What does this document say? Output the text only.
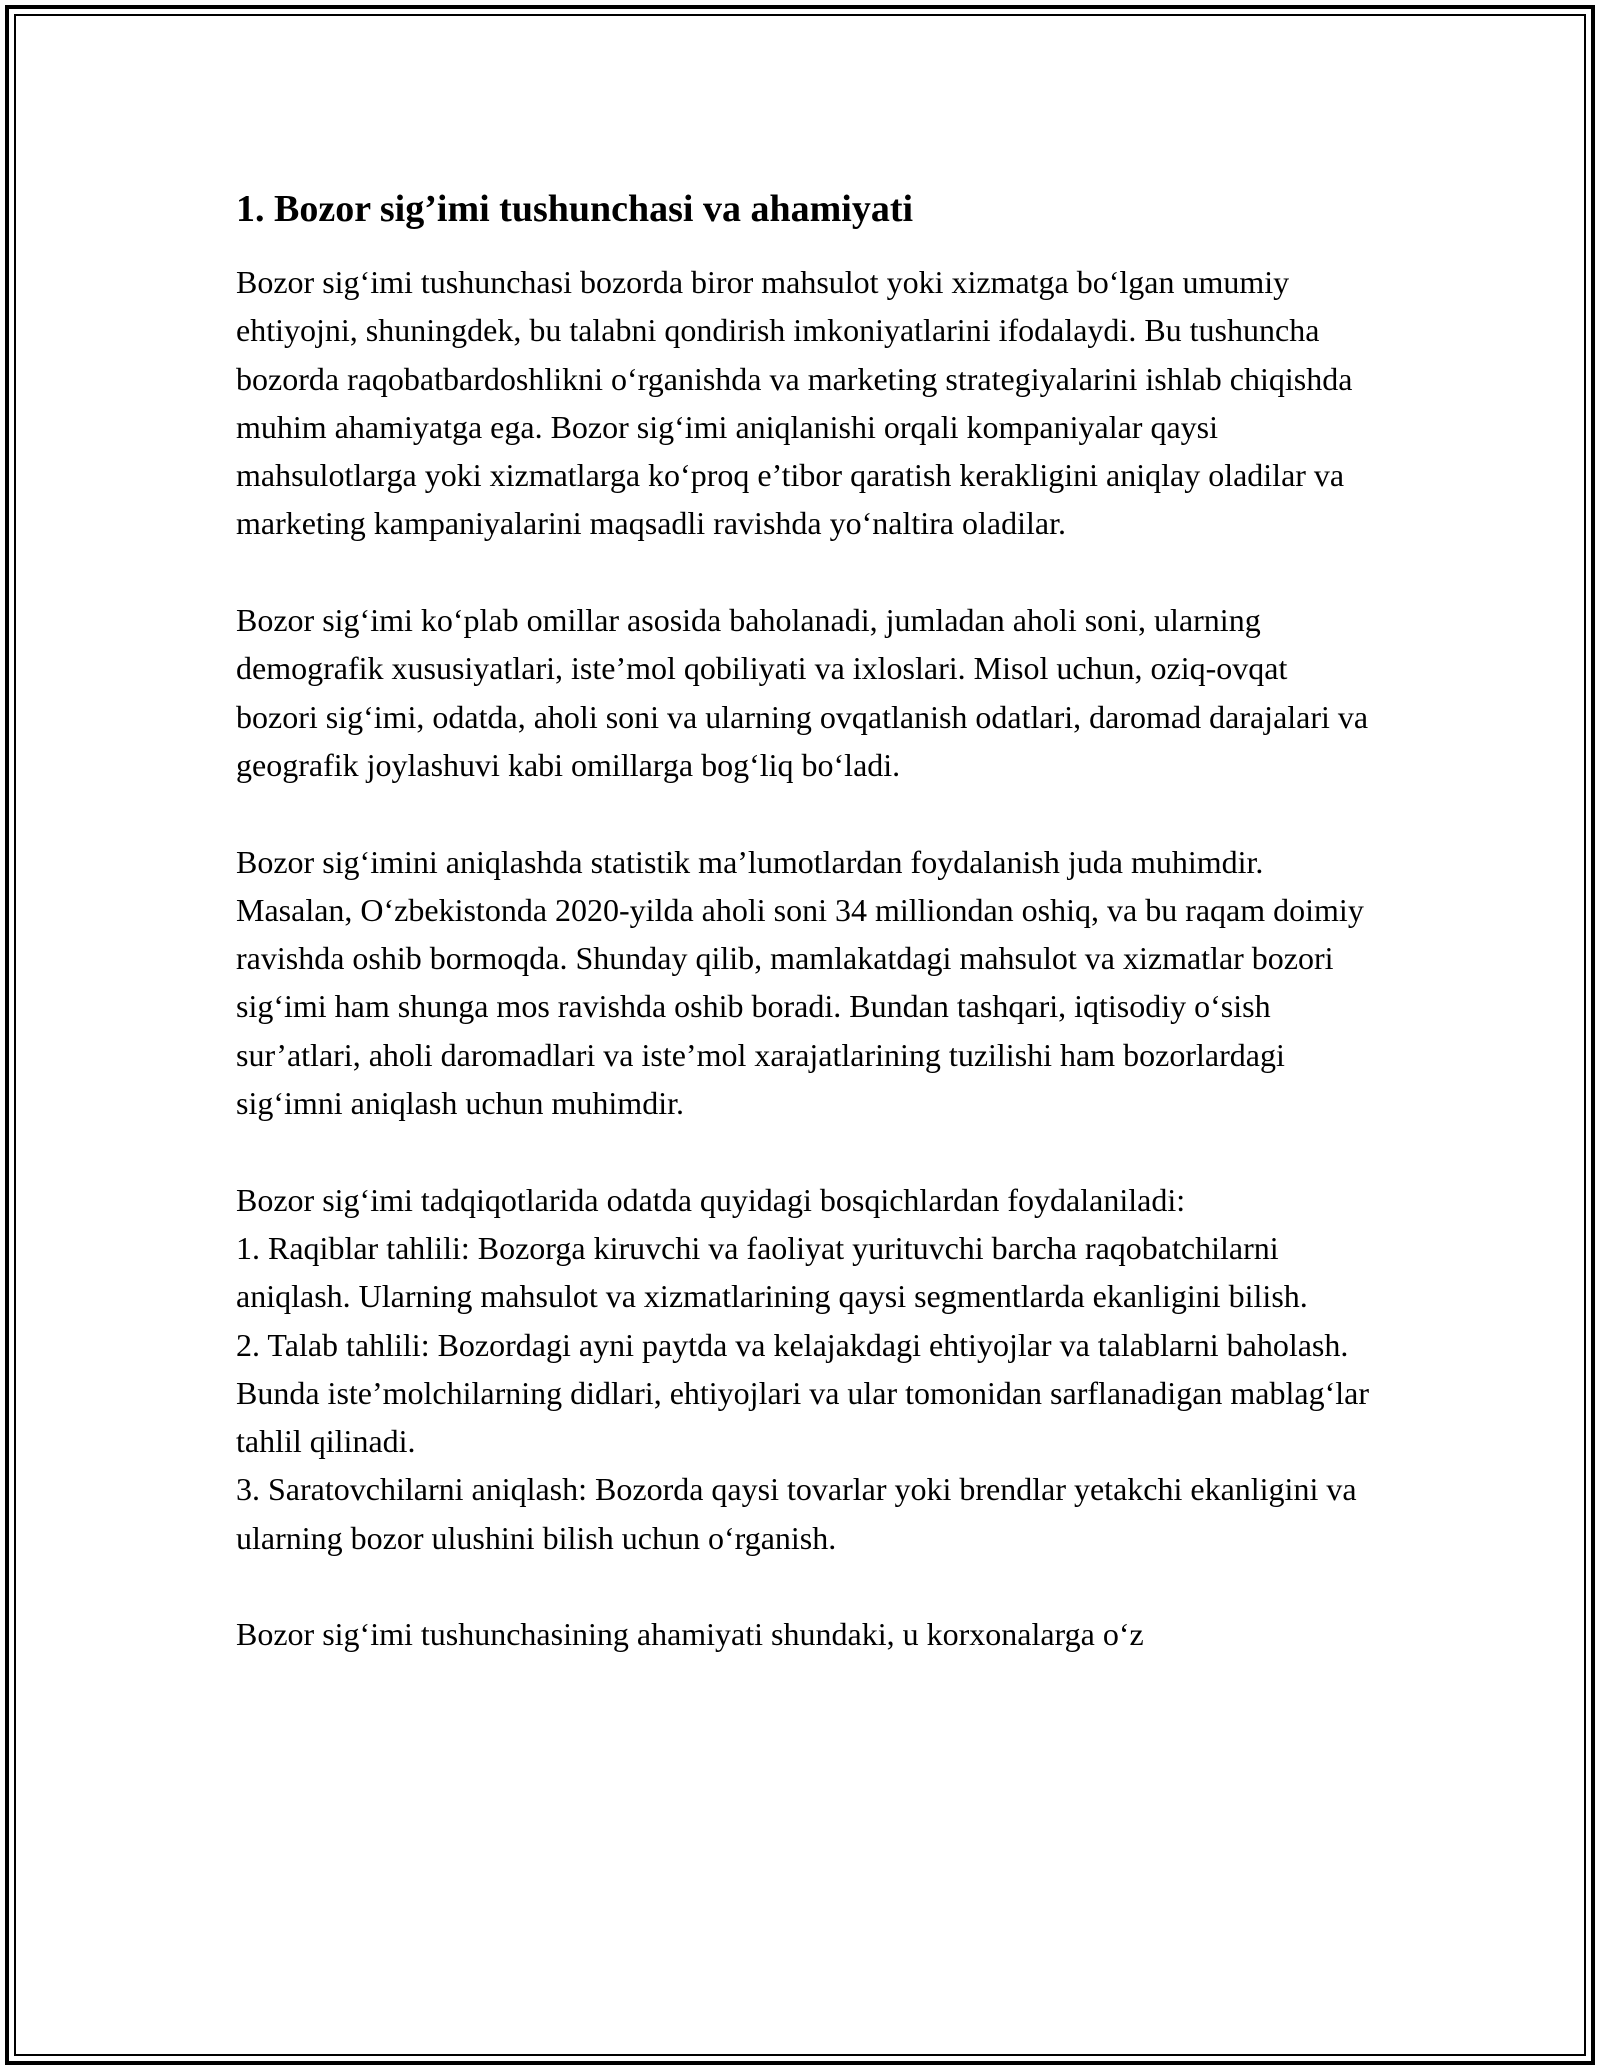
1. Bozor sig’imi tushunchasi va ahamiyati

Bozor sig‘imi tushunchasi bozorda biror mahsulot yoki xizmatga bo‘lgan umumiy ehtiyojni, shuningdek, bu talabni qondirish imkoniyatlarini ifodalaydi. Bu tushuncha bozorda raqobatbardoshlikni o‘rganishda va marketing strategiyalarini ishlab chiqishda muhim ahamiyatga ega. Bozor sig‘imi aniqlanishi orqali kompaniyalar qaysi mahsulotlarga yoki xizmatlarga ko‘proq e’tibor qaratish kerakligini aniqlay oladilar va marketing kampaniyalarini maqsadli ravishda yo‘naltira oladilar.

Bozor sig‘imi ko‘plab omillar asosida baholanadi, jumladan aholi soni, ularning demografik xususiyatlari, iste’mol qobiliyati va ixloslari. Misol uchun, oziq-ovqat bozori sig‘imi, odatda, aholi soni va ularning ovqatlanish odatlari, daromad darajalari va geografik joylashuvi kabi omillarga bog‘liq bo‘ladi.

Bozor sig‘imini aniqlashda statistik ma’lumotlardan foydalanish juda muhimdir. Masalan, O‘zbekistonda 2020-yilda aholi soni 34 milliondan oshiq, va bu raqam doimiy ravishda oshib bormoqda. Shunday qilib, mamlakatdagi mahsulot va xizmatlar bozori sig‘imi ham shunga mos ravishda oshib boradi. Bundan tashqari, iqtisodiy o‘sish sur’atlari, aholi daromadlari va iste’mol xarajatlarining tuzilishi ham bozorlardagi sig‘imni aniqlash uchun muhimdir.

Bozor sig‘imi tadqiqotlarida odatda quyidagi bosqichlardan foydalaniladi:

1. Raqiblar tahlili: Bozorga kiruvchi va faoliyat yurituvchi barcha raqobatchilarni aniqlash. Ularning mahsulot va xizmatlarining qaysi segmentlarda ekanligini bilish.

2. Talab tahlili: Bozordagi ayni paytda va kelajakdagi ehtiyojlar va talablarni baholash. Bunda iste’molchilarning didlari, ehtiyojlari va ular tomonidan sarflanadigan mablag‘lar tahlil qilinadi.

3. Saratovchilarni aniqlash: Bozorda qaysi tovarlar yoki brendlar yetakchi ekanligini va ularning bozor ulushini bilish uchun o‘rganish.

Bozor sig‘imi tushunchasining ahamiyati shundaki, u korxonalarga o‘z
